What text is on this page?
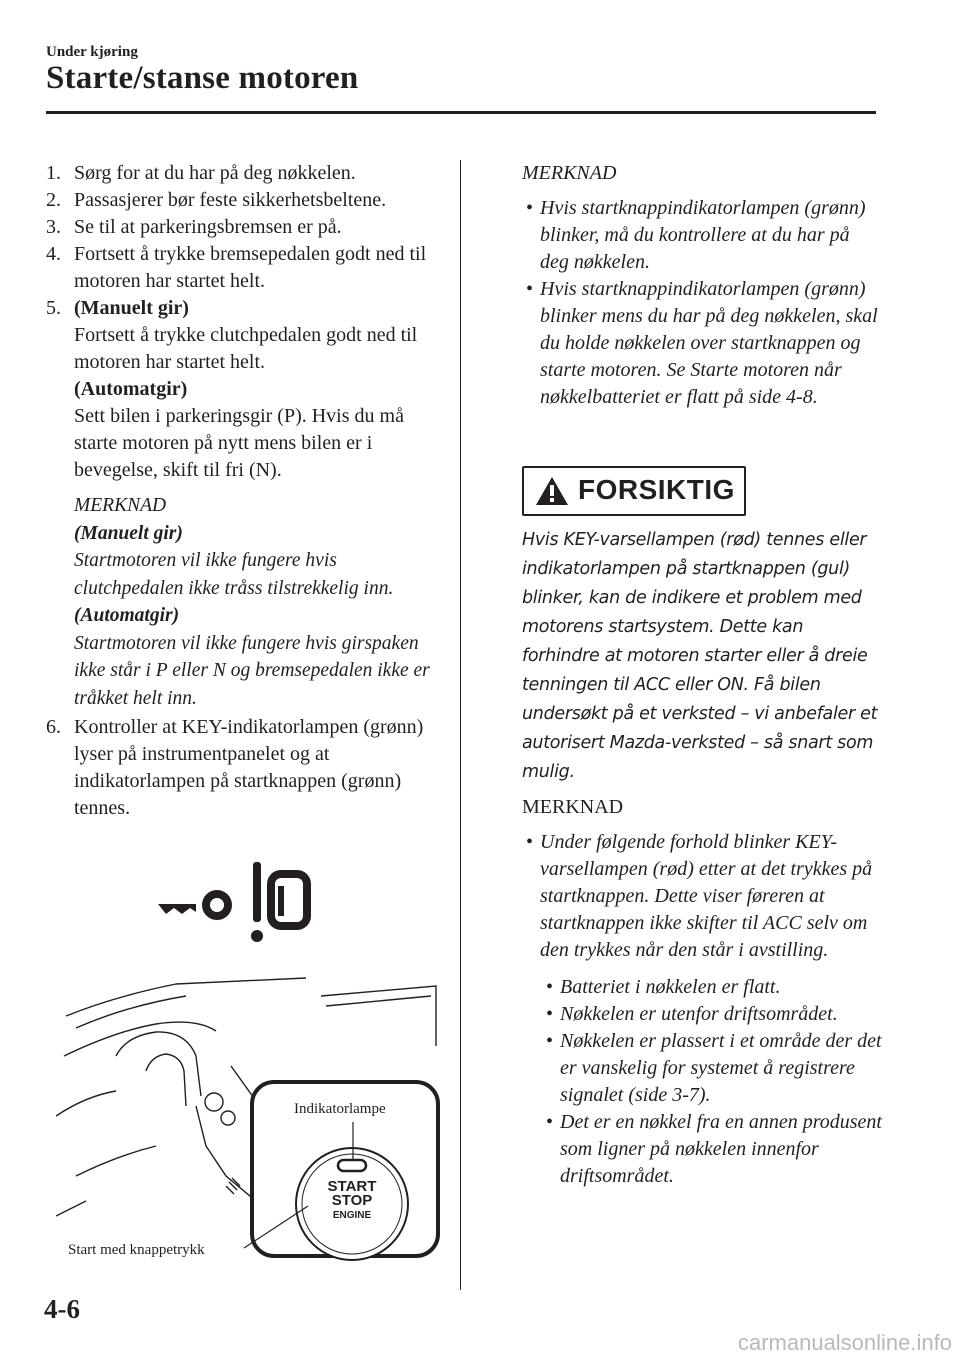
Under kjøring
Starte/stanse motoren
1. Sørg for at du har på deg nøkkelen.
2. Passasjerer bør feste sikkerhetsbeltene.
3. Se til at parkeringsbremsen er på.
4. Fortsett å trykke bremsepedalen godt ned til motoren har startet helt.
5. (Manuelt gir)
Fortsett å trykke clutchpedalen godt ned til motoren har startet helt.
(Automatgir)
Sett bilen i parkeringsgir (P). Hvis du må starte motoren på nytt mens bilen er i bevegelse, skift til fri (N).
MERKNAD
(Manuelt gir)
Startmotoren vil ikke fungere hvis clutchpedalen ikke tråss tilstrekkelig inn.
(Automatgir)
Startmotoren vil ikke fungere hvis girspaken ikke står i P eller N og bremsepedalen ikke er tråkket helt inn.
6. Kontroller at KEY-indikatorlampen (grønn) lyser på instrumentpanelet og at indikatorlampen på startknappen (grønn) tennes.
START
STOP
ENGINE
Indikatorlampe
Start med knappetrykk
MERKNAD
• Hvis startknappindikatorlampen (grønn) blinker, må du kontrollere at du har på deg nøkkelen.
• Hvis startknappindikatorlampen (grønn) blinker mens du har på deg nøkkelen, skal du holde nøkkelen over startknappen og starte motoren. Se Starte motoren når nøkkelbatteriet er flatt på side 4-8.
FORSIKTIG
Hvis KEY-varsellampen (rød) tennes eller indikatorlampen på startknappen (gul) blinker, kan de indikere et problem med motorens startsystem. Dette kan forhindre at motoren starter eller å dreie tenningen til ACC eller ON. Få bilen undersøkt på et verksted – vi anbefaler et autorisert Mazda-verksted – så snart som mulig.
MERKNAD
• Under følgende forhold blinker KEY-varsellampen (rød) etter at det trykkes på startknappen. Dette viser føreren at startknappen ikke skifter til ACC selv om den trykkes når den står i avstilling.
• Batteriet i nøkkelen er flatt.
• Nøkkelen er utenfor driftsområdet.
• Nøkkelen er plassert i et område der det er vanskelig for systemet å registrere signalet (side 3-7).
• Det er en nøkkel fra en annen produsent som ligner på nøkkelen innenfor driftsområdet.
4-6
carmanualsonline.info
